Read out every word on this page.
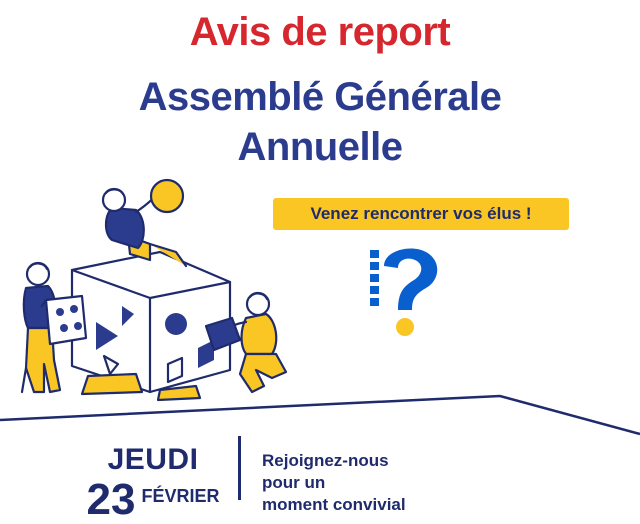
Avis de report
Assemblé Générale
Annuelle
Venez rencontrer vos élus !
JEUDI
23 FÉVRIER
Rejoignez-nous
pour un
moment convivial
